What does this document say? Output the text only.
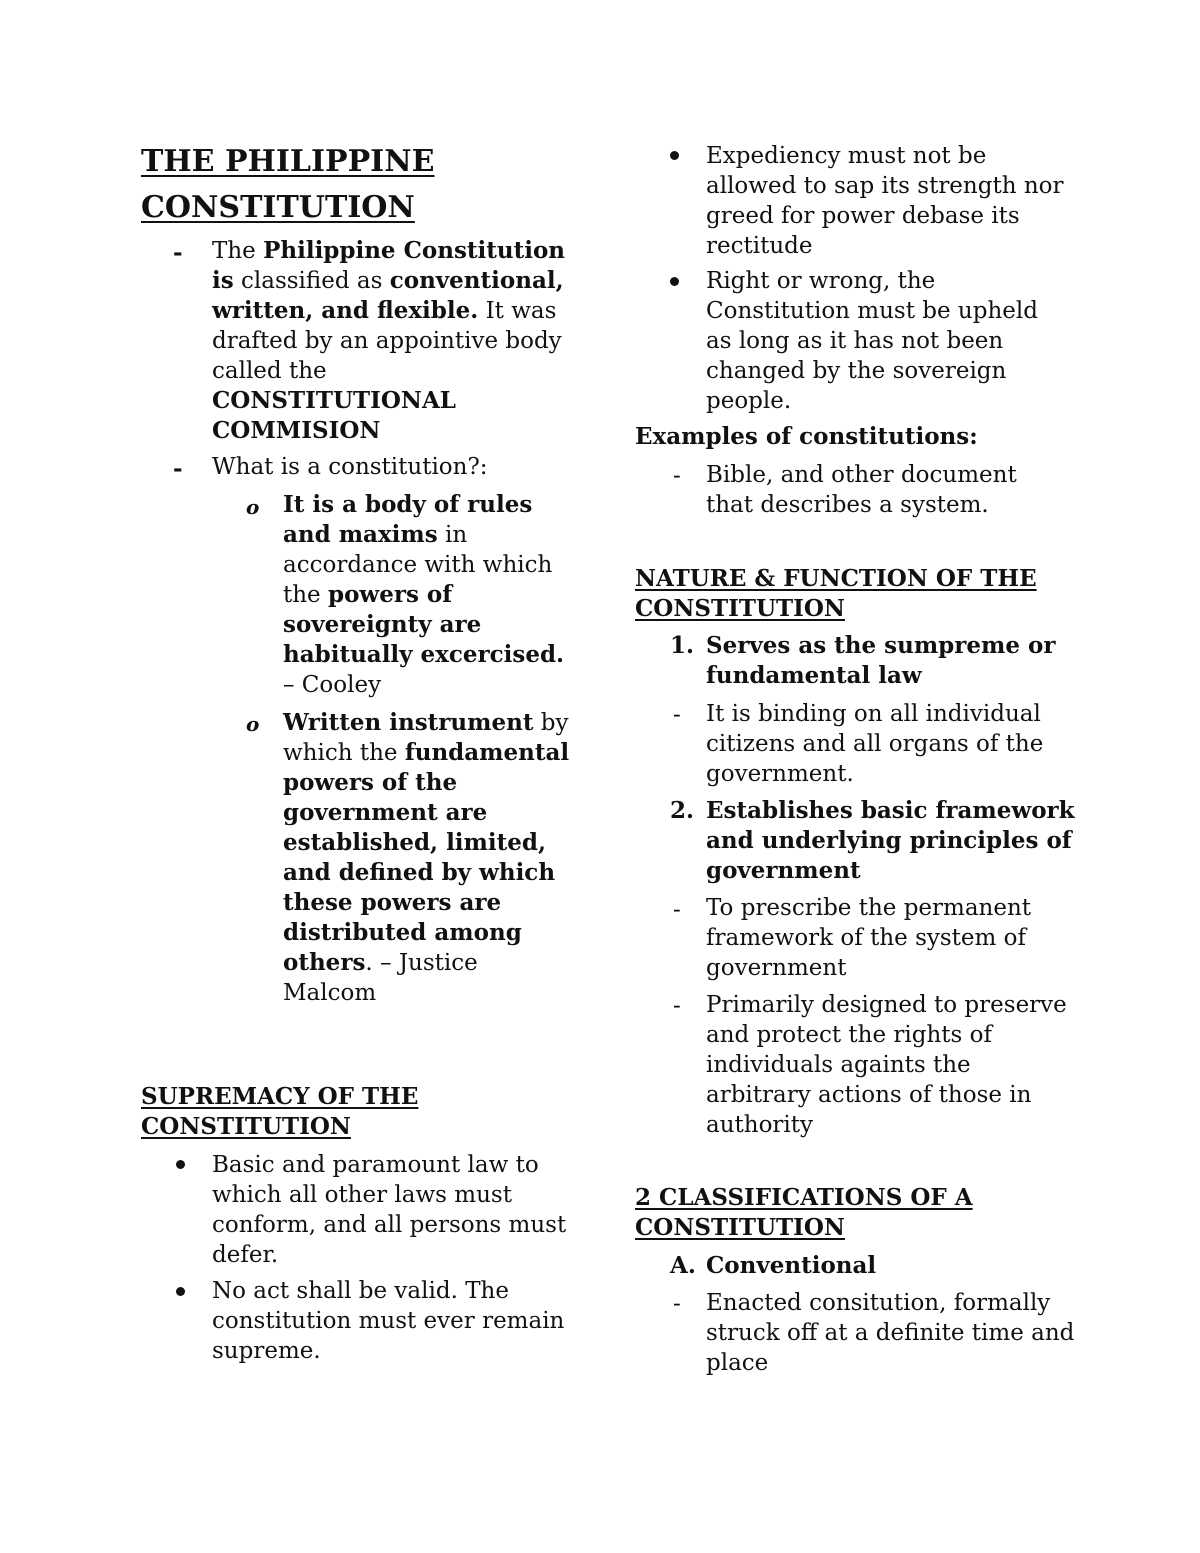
THE PHILIPPINE
CONSTITUTION
- The Philippine Constitution is classified as conventional, written, and flexible. It was drafted by an appointive body called the CONSTITUTIONAL COMMISION
- What is a constitution?:
o It is a body of rules and maxims in accordance with which the powers of sovereignty are habitually excercised. – Cooley
o Written instrument by which the fundamental powers of the government are established, limited, and defined by which these powers are distributed among others. – Justice Malcom
SUPREMACY OF THE
CONSTITUTION
Basic and paramount law to which all other laws must conform, and all persons must defer.
No act shall be valid. The constitution must ever remain supreme.
Expediency must not be allowed to sap its strength nor greed for power debase its rectitude
Right or wrong, the Constitution must be upheld as long as it has not been changed by the sovereign people.
Examples of constitutions:
- Bible, and other document that describes a system.
NATURE & FUNCTION OF THE
CONSTITUTION
1. Serves as the sumpreme or fundamental law
- It is binding on all individual citizens and all organs of the government.
2. Establishes basic framework and underlying principles of government
- To prescribe the permanent framework of the system of government
- Primarily designed to preserve and protect the rights of individuals againts the arbitrary actions of those in authority
2 CLASSIFICATIONS OF A
CONSTITUTION
A. Conventional
- Enacted consitution, formally struck off at a definite time and place
